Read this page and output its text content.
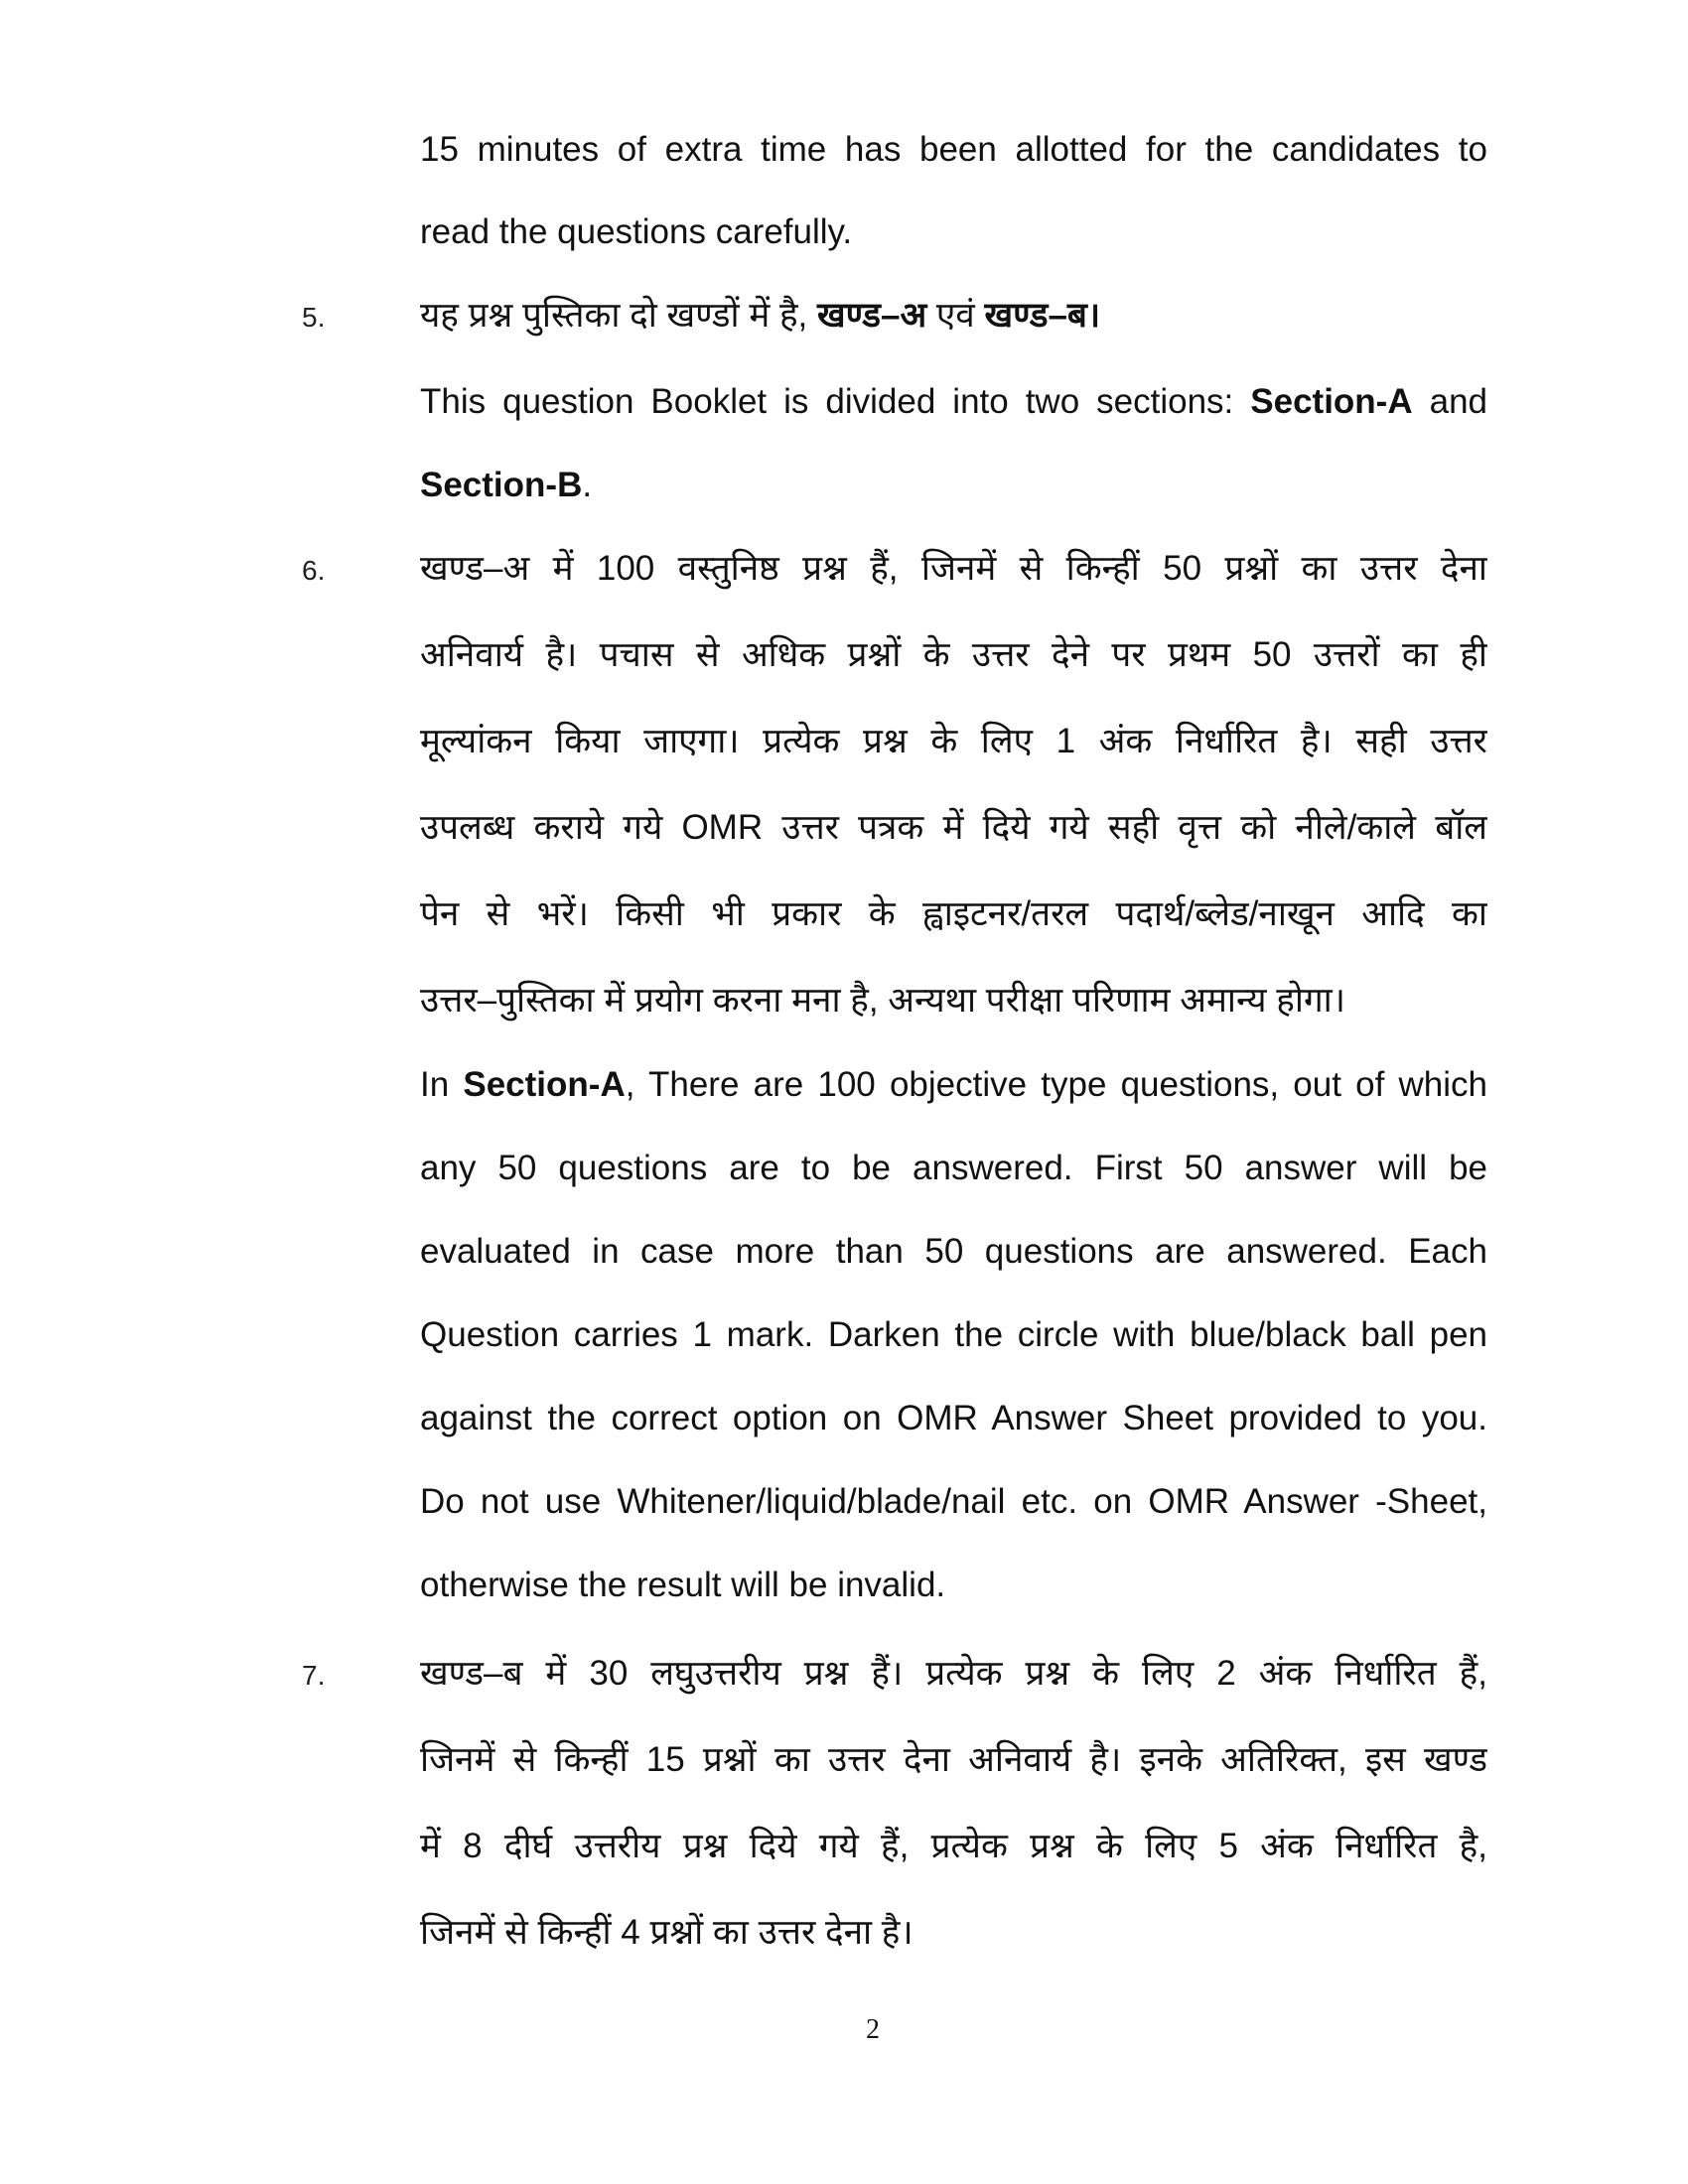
15 minutes of extra time has been allotted for the candidates to
read the questions carefully.
5.	यह प्रश्न पुस्तिका दो खण्डों में है, खण्ड–अ एवं खण्ड–ब।
This question Booklet is divided into two sections: Section-A and
Section-B.
6.	खण्ड–अ में 100 वस्तुनिष्ठ प्रश्न हैं, जिनमें से किन्हीं 50 प्रश्नों का उत्तर देना
अनिवार्य है। पचास से अधिक प्रश्नों के उत्तर देने पर प्रथम 50 उत्तरों का ही
मूल्यांकन किया जाएगा। प्रत्येक प्रश्न के लिए 1 अंक निर्धारित है। सही उत्तर
उपलब्ध कराये गये OMR उत्तर पत्रक में दिये गये सही वृत्त को नीले/काले बॉल
पेन से भरें। किसी भी प्रकार के ह्वाइटनर/तरल पदार्थ/ब्लेड/नाखून आदि का
उत्तर–पुस्तिका में प्रयोग करना मना है, अन्यथा परीक्षा परिणाम अमान्य होगा।
In Section-A, There are 100 objective type questions, out of which
any 50 questions are to be answered. First 50 answer will be
evaluated in case more than 50 questions are answered. Each
Question carries 1 mark. Darken the circle with blue/black ball pen
against the correct option on OMR Answer Sheet provided to you.
Do not use Whitener/liquid/blade/nail etc. on OMR Answer -Sheet,
otherwise the result will be invalid.
7.	खण्ड–ब में 30 लघुउत्तरीय प्रश्न हैं। प्रत्येक प्रश्न के लिए 2 अंक निर्धारित हैं,
जिनमें से किन्हीं 15 प्रश्नों का उत्तर देना अनिवार्य है। इनके अतिरिक्त, इस खण्ड
में 8 दीर्घ उत्तरीय प्रश्न दिये गये हैं, प्रत्येक प्रश्न के लिए 5 अंक निर्धारित है,
जिनमें से किन्हीं 4 प्रश्नों का उत्तर देना है।
2
